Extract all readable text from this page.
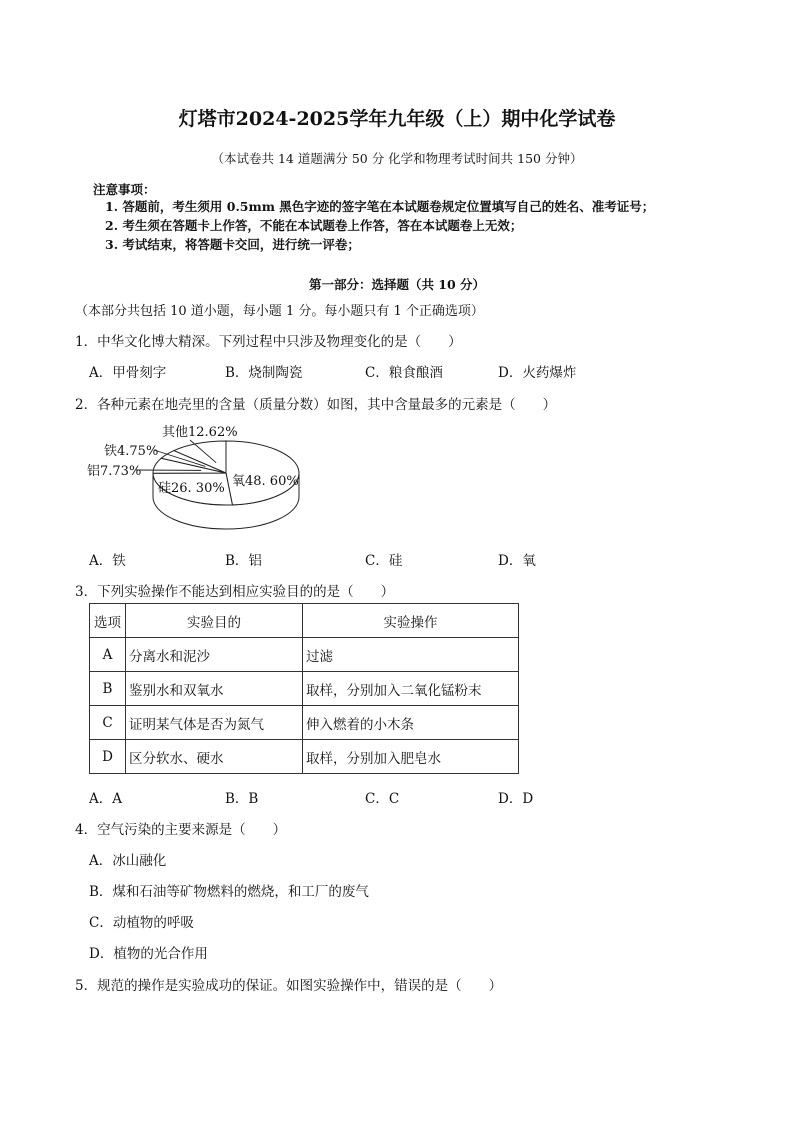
灯塔市2024-2025学年九年级（上）期中化学试卷
（本试卷共 14 道题满分 50 分 化学和物理考试时间共 150 分钟）
注意事项：
1. 答题前，考生须用 0.5mm 黑色字迹的签字笔在本试题卷规定位置填写自己的姓名、准考证号；
2. 考生须在答题卡上作答，不能在本试题卷上作答，答在本试题卷上无效；
3. 考试结束，将答题卡交回，进行统一评卷；
第一部分：选择题（共 10 分）
（本部分共包括 10 道小题，每小题 1 分。每小题只有 1 个正确选项）
1．中华文化博大精深。下列过程中只涉及物理变化的是（　　）
A．甲骨刻字	B．烧制陶瓷	C．粮食酿酒	D．火药爆炸
2．各种元素在地壳里的含量（质量分数）如图，其中含量最多的元素是（　　）
氧48. 60%
硅26. 30%
铝7.73%
铁4.75%
其他12.62%
A．铁	B．铝	C．硅	D．氧
3．下列实验操作不能达到相应实验目的的是（　　）
选项	实验目的	实验操作
A	分离水和泥沙	过滤
B	鉴别水和双氧水	取样，分别加入二氧化锰粉末
C	证明某气体是否为氮气	伸入燃着的小木条
D	区分软水、硬水	取样，分别加入肥皂水
A．A	B．B	C．C	D．D
4．空气污染的主要来源是（　　）
A．冰山融化
B．煤和石油等矿物燃料的燃烧，和工厂的废气
C．动植物的呼吸
D．植物的光合作用
5．规范的操作是实验成功的保证。如图实验操作中，错误的是（　　）
